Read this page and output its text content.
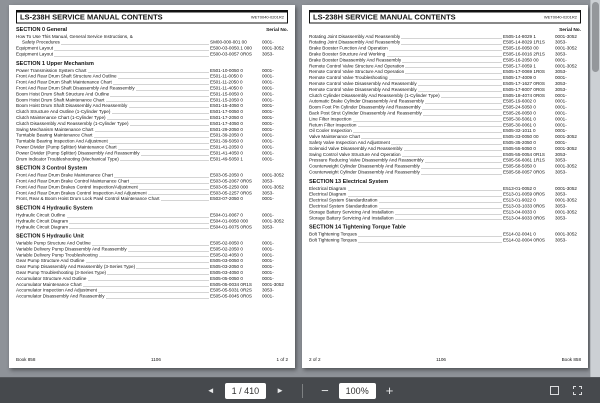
LS-238H SERVICE MANUAL CONTENTS	WET0040-0201R2
SECTION 0 General	Serial No.
How To Use This Manual, General Service Instructions, &
Safety Procedures	SM00-000-001 00	0001-
Equipment Layout	E500-03-0050.1 000	0001-3052
Equipment Layout	E500-03-0057 0R0S	3053-
SECTION 1 Upper Mechanism
Power Transmission System Chart	E501-10-0050 0	0001-
Front And Rear Drum Shaft Structure And Outline	E501-11-0050 0	0001-
Front And Rear Drum Shaft Maintenance Chart	E501-11-2050 0	0001-
Front And Rear Drum Shaft Disassembly And Reassembly	E501-11-4050 0	0001-
Boom Hoist Drum Shaft Structure And Outline	E501-15-0050 0	0001-
Boom Hoist Drum Shaft Maintenance Chart	E501-15-2050 0	0001-
Boom Hoist Drum Shaft Disassembly And Reassembly	E501-15-4050 0	0001-
Clutch Structure And Outline (1-Cylinder Type)	E501-17-0050 0	0001-
Clutch Maintenance Chart (1-Cylinder Type)	E501-17-2050 0	0001-
Clutch Disassembly And Reassembly (1-Cylinder Type)	E501-17-4050 0	0001-
Swing Mechanism Maintenance Chart	E501-29-2050 0	0001-
Turntable Bearing Maintenance Chart	E501-39-2050 0	0001-
Turntable Bearing Inspection And Adjustment	E501-39-5050 0	0001-
Power Divider (Pump Splitter) Maintenance Chart	E501-41-2050 0	0001-
Power Divider (Pump Splitter) Disassembly And Reassembly	E501-41-4050 0	0001-
Drum Indicator Troubleshooting (Mechanical Type)	E501-49-5050 1	0001-
SECTION 3 Control System
Front And Rear Drum Brake Maintenance Chart	E503-05-2050 0	0001-3052
Front And Rear Drum Brake Control Maintenance Chart	E503-05-2067 0R0S	3053-
Front And Rear Drum Brakes Control Inspection/Adjustment	E503-05-2250 000	0001-3052
Front And Rear Drum Brakes Control Inspection And Adjustment	E503-05-2257 0R0S	3053-
Front, Rear & Boom Hoist Drum Lock Pawl Control Maintenance Chart	E503-07-2050 0	0001-
SECTION 4 Hydraulic System
Hydraulic Circuit Outline	E504-01-0067 0	0001-
Hydraulic Circuit Diagram	E504-01-0050 000	0001-3052
Hydraulic Circuit Diagram	E504-01-0075 0R0S	3053-
SECTION 5 Hydraulic Unit
Variable Pump Structure And Outline	E505-02-0050 0	0001-
Variable Delivery Pump Disassembly And Reassembly	E505-02-2050 0	0001-
Variable Delivery Pump Troubleshooting	E505-02-4050 0	0001-
Gear Pump Structure And Outline	E505-03-0050 0	0001-
Gear Pump Disassembly And Reassembly (3-Series Type)	E505-03-2050 0	0001-
Gear Pump Troubleshooting (3-Series Type)	E505-03-4050 0	0001-
Accumulator Structure And Outline	E505-05-0050 0	0001-
Accumulator Maintenance Chart	E505-05-0034 0R1S	0001-3052
Accumulator Inspection And Adjustment	E505-05-5031 0R2S	3053-
Accumulator Disassembly And Reassembly	E505-05-0045 0R0S	0001-
Book 858	1106	1 of 2
LS-238H SERVICE MANUAL CONTENTS	WET0040-0201R2
Serial No.
Rotating Joint Disassembly And Reassembly	E505-14-8029 1	0001-3052
Rotating Joint Disassembly And Reassembly	E505-14-8029 1R1S	3053-
Brake Booster Function And Operation	E505-16-0050 00	0001-3052
Brake Booster Structure And Working	E505-16-0016 2R1S	3053-
Brake Booster Disassembly And Reassembly	E505-16-2050 00	0001-
Remote Control Valve Structure And Operation	E505-17-0059 1	0001-3052
Remote Control Valve Structure And Operation	E505-17-0069 1R0S	3053-
Remote Control Valve Troubleshooting	E505-17-4009 0	0001-
Remote Control Valve Disassembly And Reassembly	E505-17-1627 0R0S	3053-
Remote Control Valve Disassembly And Reassembly	E505-17-8007 0R0S	3053-
Clutch Cylinder Disassembly And Reassembly (1-Cylinder Type)	E505-18-4074 0R0S	0001-
Automatic Brake Cylinder Disassembly And Reassembly	E505-19-6002 0	0001-
Boom Foot Pin Cylinder Disassembly And Reassembly	E505-24-5050 0	0001-
Back Post Strut Cylinder Disassembly And Reassembly	E505-26-0050 0	0001-
Line Filter Inspection	E505-30-5061 0	0001-
Return Filter Inspection	E505-30-0061 0	0001-
Oil Cooler Inspection	E505-32-1011 0	0001-
Valve Maintenance Chart	E505-33-0050 00	0001-3052
Safety Valve Inspection And Adjustment	E505-35-2050 0	0001-
Solenoid Valve Disassembly And Reassembly	E505-55-5050 0	0001-3052
Swing Control Valve Structure And Operation	E505-55-0054 0R1S	3053-
Pressure Reducing Valve Disassembly And Reassembly	E505-56-6061 1R1S	3053-
Counterweight Cylinder Disassembly And Reassembly	E505-58-5050 0	0001-3052
Counterweight Cylinder Disassembly And Reassembly	E505-58-0057 0R0S	3053-
SECTION 13 Electrical System
Electrical Diagram	E513-01-0052 0	0001-3052
Electrical Diagram	E513-01-0059 0R0S	3053-
Electrical System Standardization	E513-01-9022 0	0001-3052
Electrical System Standardization	E513-03-1033 0R0S	3053-
Storage Battery Servicing And Installation	E513-04-0033 0	0001-3052
Storage Battery Servicing And Installation	E513-04-9033 0R0S	3053-
SECTION 14 Tightening Torque Table
Bolt Tightening Torques	E514-02-0041 0	0001-3052
Bolt Tightening Torques	E514-02-0004 0R0S	3053-
2 of 2	1106	Book 858
◄	1 / 410	►	−	100%	+
